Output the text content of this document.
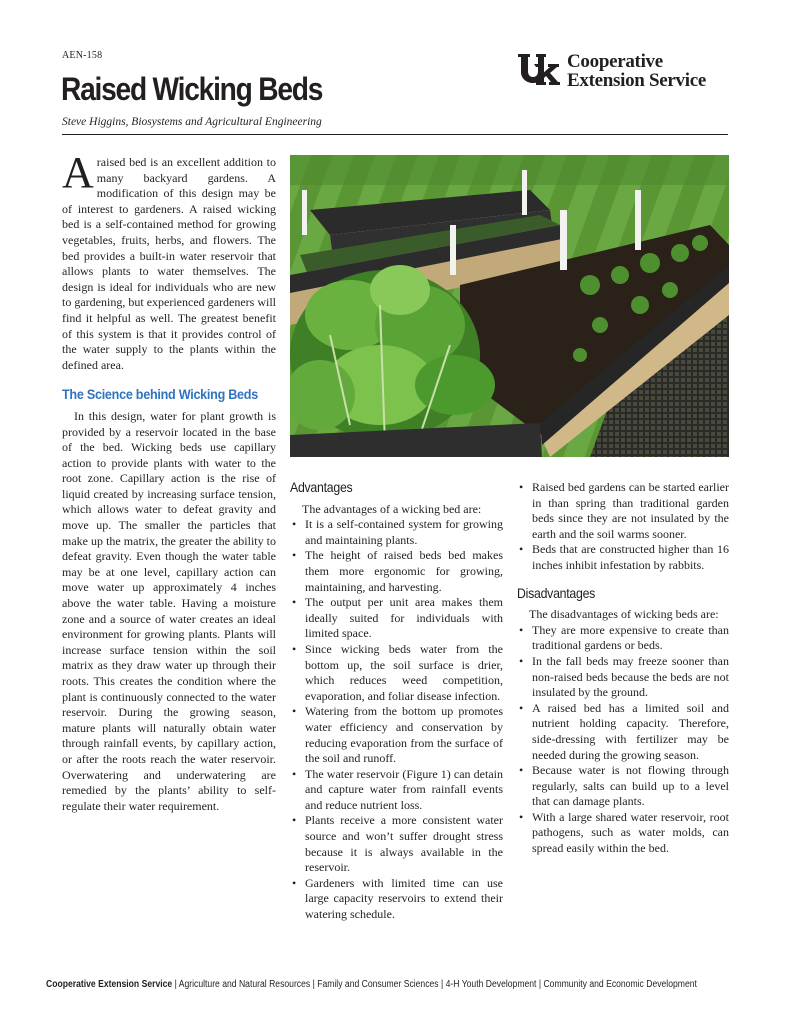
AEN-158
Raised Wicking Beds
Steve Higgins, Biosystems and Agricultural Engineering
Cooperative
Extension Service

Araised bed is an excellent addition to many backyard gardens. A modification of this design may be of interest to gardeners. A raised wicking bed is a self-contained method for growing vegetables, fruits, herbs, and flowers. The bed provides a built-in water reservoir that allows plants to water themselves. The design is ideal for individuals who are new to gardening, but experienced gardeners will find it helpful as well. The greatest benefit of this system is that it provides control of the water supply to the plants within the defined area.

The Science behind Wicking Beds

In this design, water for plant growth is provided by a reservoir located in the base of the bed. Wicking beds use capillary action to provide plants with water to the root zone. Capillary action is the rise of liquid created by increasing surface tension, which allows water to defeat gravity and move up. The smaller the particles that make up the matrix, the greater the ability to defeat gravity. Even though the water table may be at one level, capillary action can move water up approximately 4 inches above the water table. Having a moisture zone and a source of water creates an ideal environment for growing plants. Plants will increase surface tension within the soil matrix as they draw water up through their roots. This creates the condition where the plant is continuously connected to the water reservoir. During the growing season, mature plants will naturally obtain water through rainfall events, by capillary action, or after the roots reach the water reservoir. Overwatering and underwatering are remedied by the plants’ ability to self-regulate their water requirement.

Advantages

The advantages of a wicking bed are:

• It is a self-contained system for growing and maintaining plants.
• The height of raised beds bed makes them more ergonomic for growing, maintaining, and harvesting.
• The output per unit area makes them ideally suited for individuals with limited space.
• Since wicking beds water from the bottom up, the soil surface is drier, which reduces weed competition, evaporation, and foliar disease infection.
• Watering from the bottom up promotes water efficiency and conservation by reducing evaporation from the surface of the soil and runoff.
• The water reservoir (Figure 1) can detain and capture water from rainfall events and reduce nutrient loss.
• Plants receive a more consistent water source and won’t suffer drought stress because it is always available in the reservoir.
• Gardeners with limited time can use large capacity reservoirs to extend their watering schedule.
• Raised bed gardens can be started earlier in than spring than traditional garden beds since they are not insulated by the earth and the soil warms sooner.
• Beds that are constructed higher than 16 inches inhibit infestation by rabbits.
Disadvantages

The disadvantages of wicking beds are:

• They are more expensive to create than traditional gardens or beds.
• In the fall beds may freeze sooner than non-raised beds because the beds are not insulated by the ground.
• A raised bed has a limited soil and nutrient holding capacity. Therefore, side-dressing with fertilizer may be needed during the growing season.
• Because water is not flowing through regularly, salts can build up to a level that can damage plants.
• With a large shared water reservoir, root pathogens, such as water molds, can spread easily within the bed.
Cooperative Extension Service | Agriculture and Natural Resources | Family and Consumer Sciences | 4-H Youth Development | Community and Economic Development
